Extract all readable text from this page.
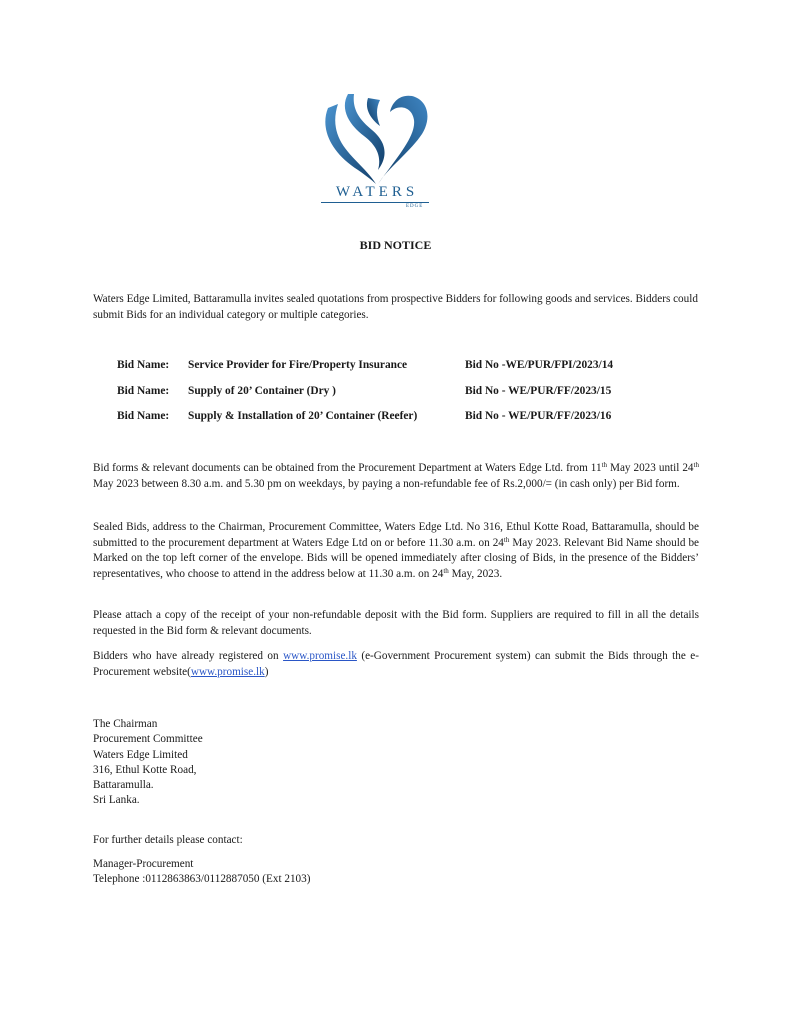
WATERS
EDGE
BID NOTICE

Waters Edge Limited, Battaramulla invites sealed quotations from prospective Bidders for following goods and services. Bidders could submit Bids for an individual category or multiple categories.

Bid Name: Service Provider for Fire/Property Insurance	Bid No -WE/PUR/FPI/2023/14
Bid Name: Supply of 20’ Container (Dry )	Bid No - WE/PUR/FF/2023/15
Bid Name: Supply & Installation of 20’ Container (Reefer)	Bid No - WE/PUR/FF/2023/16

Bid forms & relevant documents can be obtained from the Procurement Department at Waters Edge Ltd. from 11th May 2023 until 24th May 2023 between 8.30 a.m. and 5.30 pm on weekdays, by paying a non-refundable fee of Rs.2,000/= (in cash only) per Bid form.

Sealed Bids, address to the Chairman, Procurement Committee, Waters Edge Ltd. No 316, Ethul Kotte Road, Battaramulla, should be submitted to the procurement department at Waters Edge Ltd on or before 11.30 a.m. on 24th May 2023. Relevant Bid Name should be Marked on the top left corner of the envelope. Bids will be opened immediately after closing of Bids, in the presence of the Bidders’ representatives, who choose to attend in the address below at 11.30 a.m. on 24th May, 2023.

Please attach a copy of the receipt of your non-refundable deposit with the Bid form. Suppliers are required to fill in all the details requested in the Bid form & relevant documents.

Bidders who have already registered on www.promise.lk (e-Government Procurement system) can submit the Bids through the e-Procurement website(www.promise.lk)

The Chairman
Procurement Committee
Waters Edge Limited
316, Ethul Kotte Road,
Battaramulla.
Sri Lanka.
For further details please contact:
Manager-Procurement
Telephone :0112863863/0112887050 (Ext 2103)
